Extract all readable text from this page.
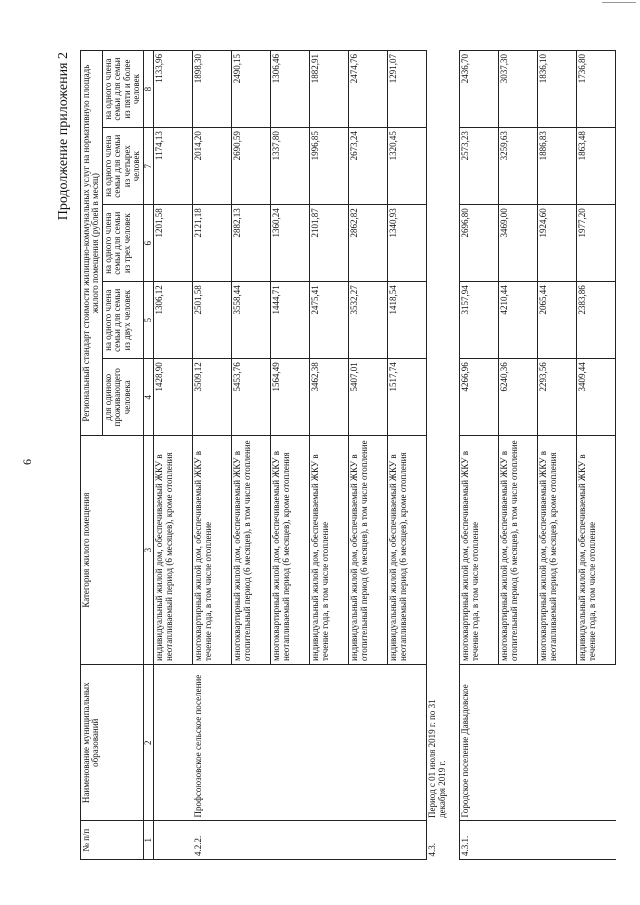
6
Продолжение приложения 2
№ п/п	Наименование муниципальных образований	Категория жилого помещения	Региональный стандарт стоимости жилищно-коммунальных услуг на нормативную площадь жилого помещения (рублей в месяц)				
			для одиноко проживающего человека	на одного члена семьи для семьи из двух человек	на одного члена семьи для семьи из трех человек	на одного члена семьи для семьи из четырех человек	на одного члена семьи для семьи из пяти и более человек
1	2	3	4	5	6	7	8
		индивидуальный жилой дом, обеспечиваемый ЖКУ в неотапливаемый период (6 месяцев), кроме отопления	1428,90	1306,12	1201,58	1174,13	1133,96
4.2.2.	Профсоюзовское сельское поселение	многоквартирный жилой дом, обеспечиваемый ЖКУ в течение года, в том числе отопление	3509,12	2501,58	2121,18	2014,20	1898,30
		многоквартирный жилой дом, обеспечиваемый ЖКУ в отопительный период (6 месяцев), в том числе отопление	5453,76	3558,44	2882,13	2690,59	2490,15
		многоквартирный жилой дом, обеспечиваемый ЖКУ в неотапливаемый период (6 месяцев), кроме отопления	1564,49	1444,71	1360,24	1337,80	1306,46
		индивидуальный жилой дом, обеспечиваемый ЖКУ в течение года, в том числе отопление	3462,38	2475,41	2101,87	1996,85	1882,91
		индивидуальный жилой дом, обеспечиваемый ЖКУ в отопительный период (6 месяцев), в том числе отопление	5407,01	3532,27	2862,82	2673,24	2474,76
		индивидуальный жилой дом, обеспечиваемый ЖКУ в неотапливаемый период (6 месяцев), кроме отопления	1517,74	1418,54	1340,93	1320,45	1291,07
4.3.	Период с 01 июля 2019 г. по 31 декабря 2019 г.						
4.3.1.	Городское поселение Давыдовское	многоквартирный жилой дом, обеспечиваемый ЖКУ в течение года, в том числе отопление	4266,96	3157,94	2696,80	2573,23	2436,70
		многоквартирный жилой дом, обеспечиваемый ЖКУ в отопительный период (6 месяцев), в том числе отопление	6240,36	4210,44	3469,00	3259,63	3037,30
		многоквартирный жилой дом, обеспечиваемый ЖКУ в неотапливаемый период (6 месяцев), кроме отопления	2293,56	2065,44	1924,60	1886,83	1836,10
		индивидуальный жилой дом, обеспечиваемый ЖКУ в течение года, в том числе отопление	3409,44	2383,86	1977,20	1863,48	1736,80
